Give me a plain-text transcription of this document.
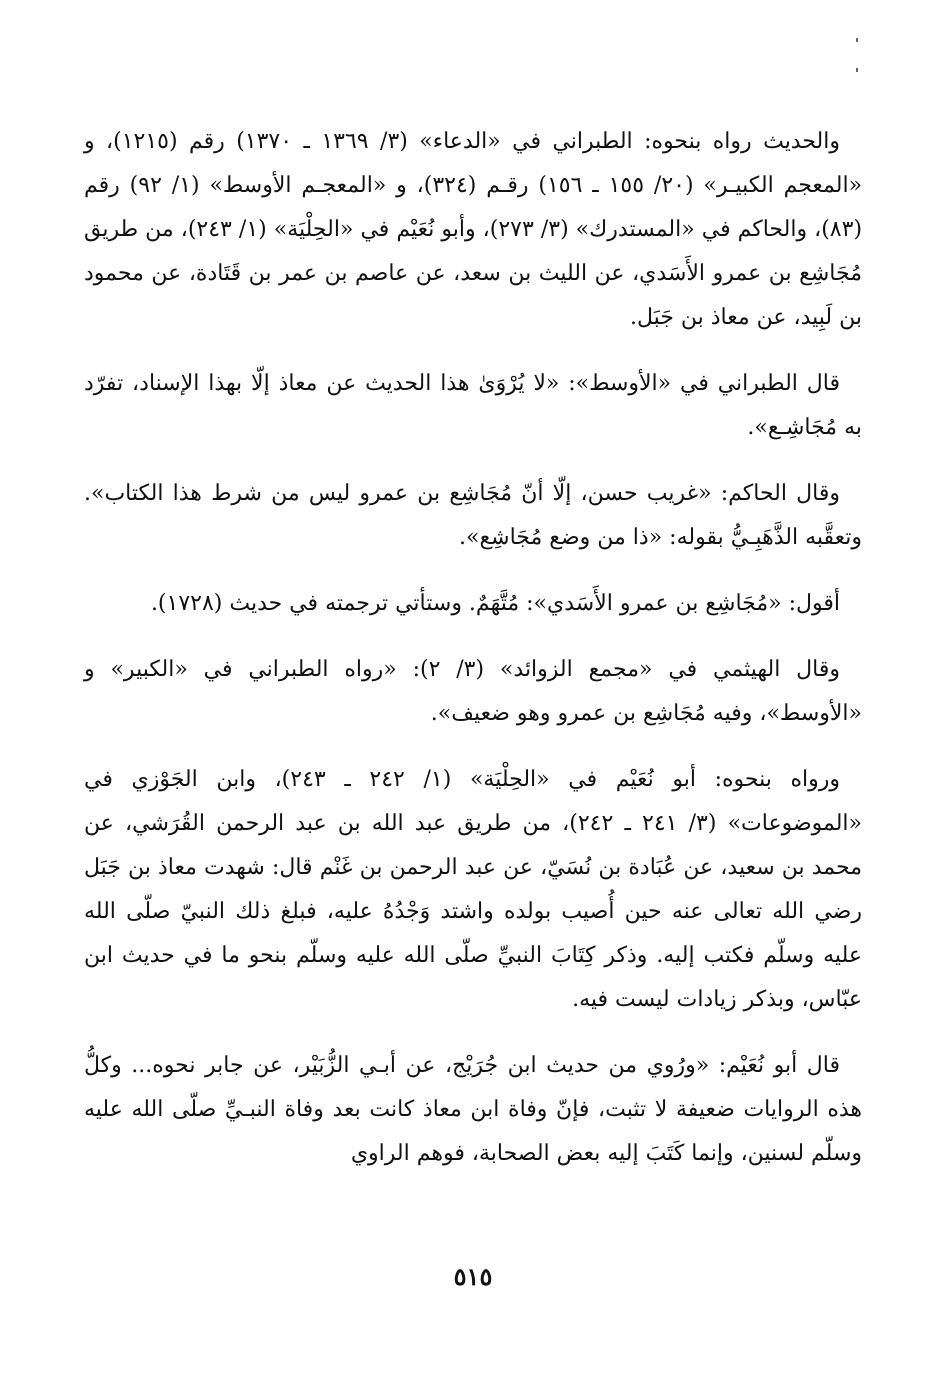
والحديث رواه بنحوه: الطبراني في «الدعاء» (٣/ ١٣٦٩ ـ ١٣٧٠) رقم (١٢١٥)، و «المعجم الكبيـر» (٢٠/ ١٥٥ ـ ١٥٦) رقـم (٣٢٤)، و «المعجـم الأوسط» (١/ ٩٢) رقم (٨٣)، والحاكم في «المستدرك» (٣/ ٢٧٣)، وأبو نُعَيْم في «الحِلْيَة» (١/ ٢٤٣)، من طريق مُجَاشِع بن عمرو الأَسَدي، عن الليث بن سعد، عن عاصم بن عمر بن قَتَادة، عن محمود بن لَبِيد، عن معاذ بن جَبَل.

قال الطبراني في «الأوسط»: «لا يُرْوَىٰ هذا الحديث عن معاذ إلّا بهذا الإسناد، تفرّد به مُجَاشِـع».

وقال الحاكم: «غريب حسن، إلّا أنّ مُجَاشِع بن عمرو ليس من شرط هذا الكتاب». وتعقَّبه الذَّهَبِـيُّ بقوله: «ذا من وضع مُجَاشِع».

أقول: «مُجَاشِع بن عمرو الأَسَدي»: مُتَّهَمٌ. وستأتي ترجمته في حديث (١٧٢٨).

وقال الهيثمي في «مجمع الزوائد» (٣/ ٢): «رواه الطبراني في «الكبير» و «الأوسط»، وفيه مُجَاشِع بن عمرو وهو ضعيف».

ورواه بنحوه: أبو نُعَيْم في «الحِلْيَة» (١/ ٢٤٢ ـ ٢٤٣)، وابن الجَوْزي في «الموضوعات» (٣/ ٢٤١ ـ ٢٤٢)، من طريق عبد الله بن عبد الرحمن القُرَشي، عن محمد بن سعيد، عن عُبَادة بن نُسَيّ، عن عبد الرحمن بن غَنْم قال: شهدت معاذ بن جَبَل رضي الله تعالى عنه حين أُصيب بولده واشتد وَجْدُهُ عليه، فبلغ ذلك النبيّ صلّى الله عليه وسلّم فكتب إليه. وذكر كِتَابَ النبيِّ صلّى الله عليه وسلّم بنحو ما في حديث ابن عبّاس، وبذكر زيادات ليست فيه.

قال أبو نُعَيْم: «ورُوي من حديث ابن جُرَيْج، عن أبـي الزُّبَيْر، عن جابر نحوه... وكلُّ هذه الروايات ضعيفة لا تثبت، فإنّ وفاة ابن معاذ كانت بعد وفاة النبـيِّ صلّى الله عليه وسلّم لسنين، وإنما كَتَبَ إليه بعض الصحابة، فوهم الراوي

٥١٥
